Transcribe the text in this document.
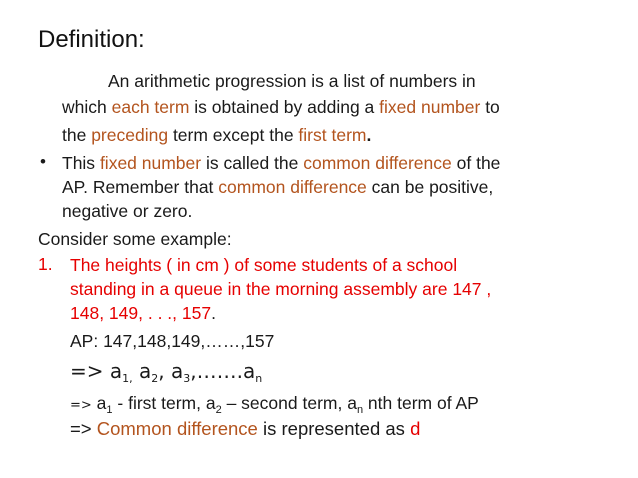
Definition:
An arithmetic progression is a list of numbers in
which each term is obtained by adding a fixed number to
the preceding term except the first term.
• This fixed number is called the common difference of the
AP. Remember that common difference can be positive,
negative or zero.
Consider some example:
1. The heights ( in cm ) of some students of a school
standing in a queue in the morning assembly are 147 ,
148, 149, . . ., 157.
AP: 147,148,149,……,157
=> $a_{1,}$ $a_2$, $a_3,\dots\dots.a_n$
=> $a_1$ - first term, $a_2$ – second term, $a_n$ nth term of AP
=> Common difference is represented as d
